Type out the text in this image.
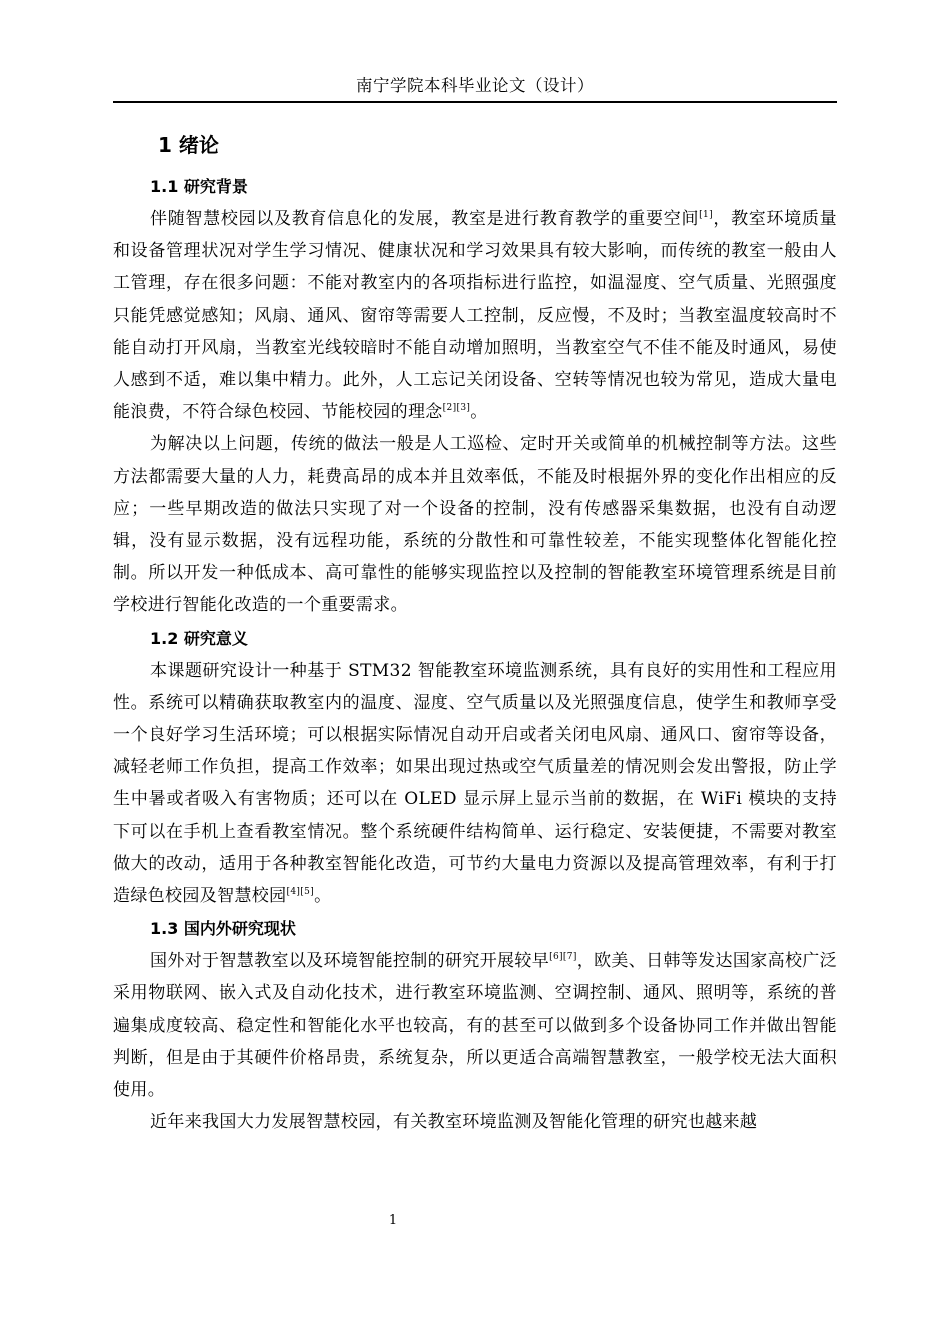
南宁学院本科毕业论文（设计）
1 绪论
1.1 研究背景

伴随智慧校园以及教育信息化的发展，教室是进行教育教学的重要空间[1]，教室环境质量和设备管理状况对学生学习情况、健康状况和学习效果具有较大影响，而传统的教室一般由人工管理，存在很多问题：不能对教室内的各项指标进行监控，如温湿度、空气质量、光照强度只能凭感觉感知；风扇、通风、窗帘等需要人工控制，反应慢，不及时；当教室温度较高时不能自动打开风扇，当教室光线较暗时不能自动增加照明，当教室空气不佳不能及时通风，易使人感到不适，难以集中精力。此外，人工忘记关闭设备、空转等情况也较为常见，造成大量电能浪费，不符合绿色校园、节能校园的理念[2][3]。

为解决以上问题，传统的做法一般是人工巡检、定时开关或简单的机械控制等方法。这些方法都需要大量的人力，耗费高昂的成本并且效率低，不能及时根据外界的变化作出相应的反应；一些早期改造的做法只实现了对一个设备的控制，没有传感器采集数据，也没有自动逻辑，没有显示数据，没有远程功能，系统的分散性和可靠性较差，不能实现整体化智能化控制。所以开发一种低成本、高可靠性的能够实现监控以及控制的智能教室环境管理系统是目前学校进行智能化改造的一个重要需求。

1.2 研究意义

本课题研究设计一种基于 STM32 智能教室环境监测系统，具有良好的实用性和工程应用性。系统可以精确获取教室内的温度、湿度、空气质量以及光照强度信息，使学生和教师享受一个良好学习生活环境；可以根据实际情况自动开启或者关闭电风扇、通风口、窗帘等设备，减轻老师工作负担，提高工作效率；如果出现过热或空气质量差的情况则会发出警报，防止学生中暑或者吸入有害物质；还可以在 OLED 显示屏上显示当前的数据，在 WiFi 模块的支持下可以在手机上查看教室情况。整个系统硬件结构简单、运行稳定、安装便捷，不需要对教室做大的改动，适用于各种教室智能化改造，可节约大量电力资源以及提高管理效率，有利于打造绿色校园及智慧校园[4][5]。

1.3 国内外研究现状

国外对于智慧教室以及环境智能控制的研究开展较早[6][7]，欧美、日韩等发达国家高校广泛采用物联网、嵌入式及自动化技术，进行教室环境监测、空调控制、通风、照明等，系统的普遍集成度较高、稳定性和智能化水平也较高，有的甚至可以做到多个设备协同工作并做出智能判断，但是由于其硬件价格昂贵，系统复杂，所以更适合高端智慧教室，一般学校无法大面积使用。

近年来我国大力发展智慧校园，有关教室环境监测及智能化管理的研究也越来越

1
